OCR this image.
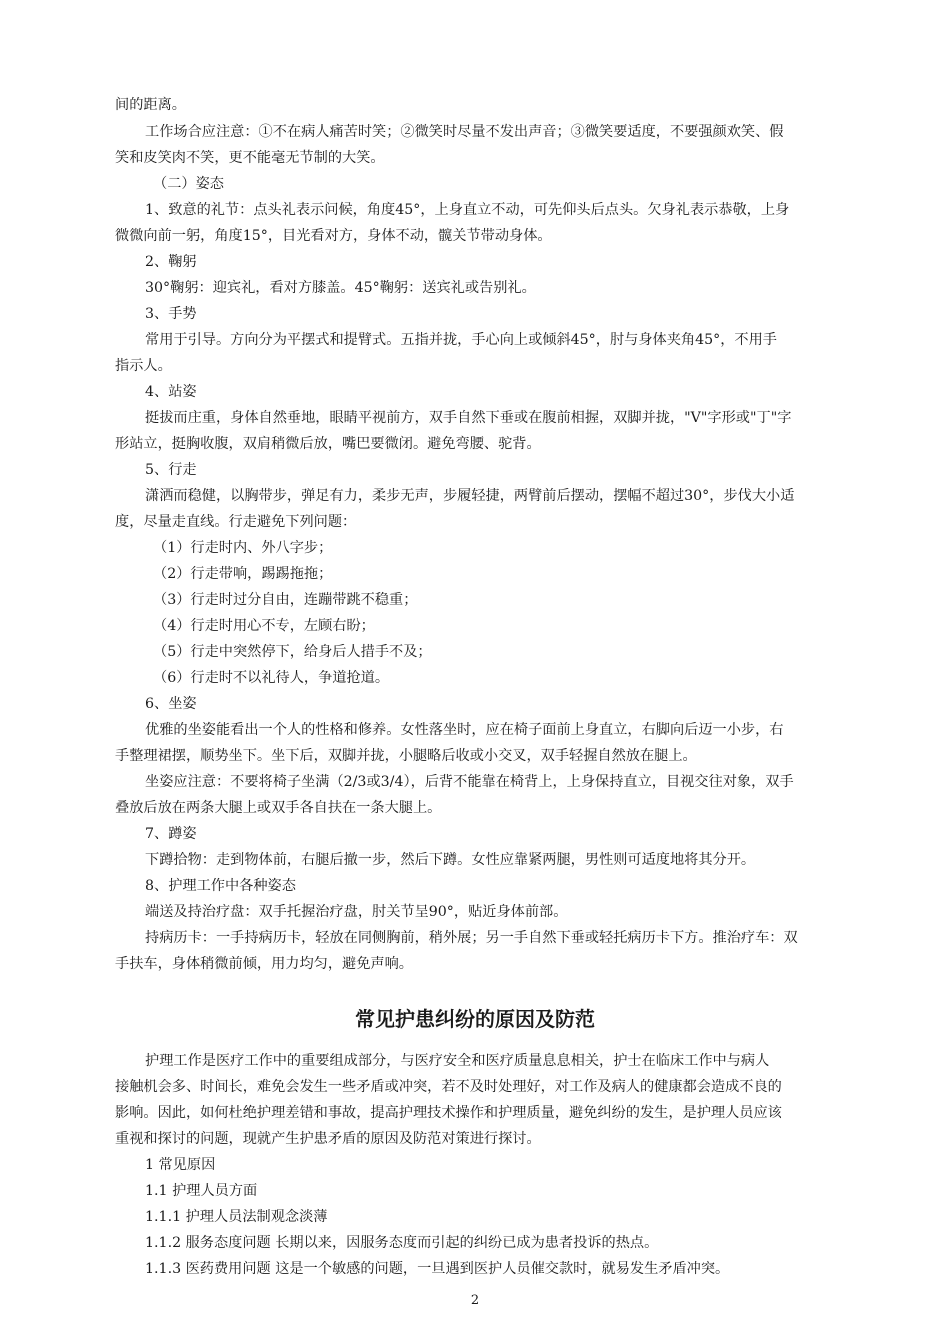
间的距离。
工作场合应注意：①不在病人痛苦时笑；②微笑时尽量不发出声音；③微笑要适度，不要强颜欢笑、假
笑和皮笑肉不笑，更不能毫无节制的大笑。
（二）姿态
1、致意的礼节：点头礼表示问候，角度45°，上身直立不动，可先仰头后点头。欠身礼表示恭敬，上身
微微向前一躬，角度15°，目光看对方，身体不动，髋关节带动身体。
2、鞠躬
30°鞠躬：迎宾礼，看对方膝盖。45°鞠躬：送宾礼或告别礼。
3、手势
常用于引导。方向分为平摆式和提臂式。五指并拢，手心向上或倾斜45°，肘与身体夹角45°，不用手
指示人。
4、站姿
挺拔而庄重，身体自然垂地，眼睛平视前方，双手自然下垂或在腹前相握，双脚并拢，"V"字形或"丁"字
形站立，挺胸收腹，双肩稍微后放，嘴巴要微闭。避免弯腰、驼背。
5、行走
潇洒而稳健，以胸带步，弹足有力，柔步无声，步履轻捷，两臂前后摆动，摆幅不超过30°，步伐大小适
度，尽量走直线。行走避免下列问题：
（1）行走时内、外八字步；
（2）行走带响，踢踢拖拖；
（3）行走时过分自由，连蹦带跳不稳重；
（4）行走时用心不专，左顾右盼；
（5）行走中突然停下，给身后人措手不及；
（6）行走时不以礼待人，争道抢道。
6、坐姿
优雅的坐姿能看出一个人的性格和修养。女性落坐时，应在椅子面前上身直立，右脚向后迈一小步，右
手整理裙摆，顺势坐下。坐下后，双脚并拢，小腿略后收或小交叉，双手轻握自然放在腿上。
坐姿应注意：不要将椅子坐满（2/3或3/4），后背不能靠在椅背上，上身保持直立，目视交往对象，双手
叠放后放在两条大腿上或双手各自扶在一条大腿上。
7、蹲姿
下蹲拾物：走到物体前，右腿后撤一步，然后下蹲。女性应靠紧两腿，男性则可适度地将其分开。
8、护理工作中各种姿态
端送及持治疗盘：双手托握治疗盘，肘关节呈90°，贴近身体前部。
持病历卡：一手持病历卡，轻放在同侧胸前，稍外展；另一手自然下垂或轻托病历卡下方。推治疗车：双
手扶车，身体稍微前倾，用力均匀，避免声响。
常见护患纠纷的原因及防范
护理工作是医疗工作中的重要组成部分，与医疗安全和医疗质量息息相关，护士在临床工作中与病人
接触机会多、时间长，难免会发生一些矛盾或冲突，若不及时处理好，对工作及病人的健康都会造成不良的
影响。因此，如何杜绝护理差错和事故，提高护理技术操作和护理质量，避免纠纷的发生，是护理人员应该
重视和探讨的问题，现就产生护患矛盾的原因及防范对策进行探讨。
1 常见原因
1.1 护理人员方面
1.1.1 护理人员法制观念淡薄
1.1.2 服务态度问题 长期以来，因服务态度而引起的纠纷已成为患者投诉的热点。
1.1.3 医药费用问题 这是一个敏感的问题，一旦遇到医护人员催交款时，就易发生矛盾冲突。
2
